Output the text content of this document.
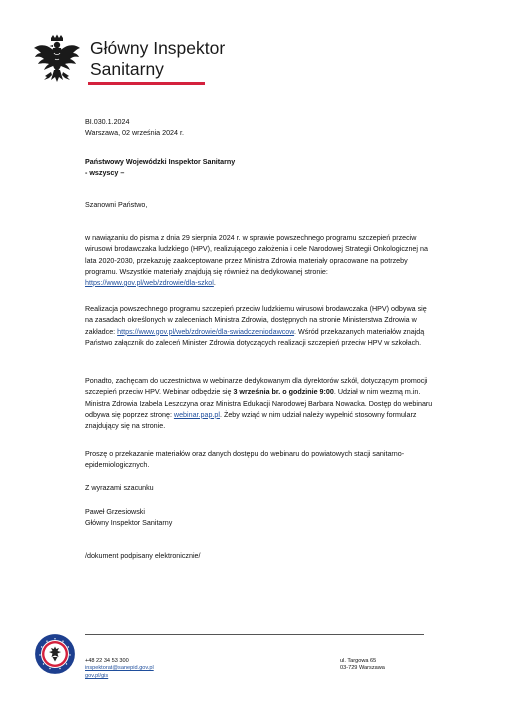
Główny Inspektor
Sanitarny
BI.030.1.2024
Warszawa, 02 września 2024 r.
Państwowy Wojewódzki Inspektor Sanitarny
- wszyscy –
Szanowni Państwo,

w nawiązaniu do pisma z dnia 29 sierpnia 2024 r. w sprawie powszechnego programu szczepień przeciw wirusowi brodawczaka ludzkiego (HPV), realizującego założenia i cele Narodowej Strategii Onkologicznej na lata 2020-2030, przekazuję zaakceptowane przez Ministra Zdrowia materiały opracowane na potrzeby programu. Wszystkie materiały znajdują się również na dedykowanej stronie: https://www.gov.pl/web/zdrowie/dla-szkol.

Realizacja powszechnego programu szczepień przeciw ludzkiemu wirusowi brodawczaka (HPV) odbywa się na zasadach określonych w zaleceniach Ministra Zdrowia, dostępnych na stronie Ministerstwa Zdrowia w zakładce: https://www.gov.pl/web/zdrowie/dla-swiadczeniodawcow. Wśród przekazanych materiałów znajdą Państwo załącznik do zaleceń Minister Zdrowia dotyczących realizacji szczepień przeciw HPV w szkołach.

Ponadto, zachęcam do uczestnictwa w webinarze dedykowanym dla dyrektorów szkół, dotyczącym promocji szczepień przeciw HPV. Webinar odbędzie się 3 września br. o godzinie 9:00. Udział w nim wezmą m.in. Ministra Zdrowia Izabela Leszczyna oraz Ministra Edukacji Narodowej Barbara Nowacka. Dostęp do webinaru odbywa się poprzez stronę: webinar.pap.pl. Żeby wziąć w nim udział należy wypełnić stosowny formularz znajdujący się na stronie.

Proszę o przekazanie materiałów oraz danych dostępu do webinaru do powiatowych stacji sanitarno-epidemiologicznych.

Z wyrazami szacunku
Paweł Grzesiowski
Główny Inspektor Sanitarny
/dokument podpisany elektronicznie/
+48 22 34 53 300
inspektorat@sanepid.gov.pl
gov.pl/gis
ul. Targowa 65
03-729 Warszawa
